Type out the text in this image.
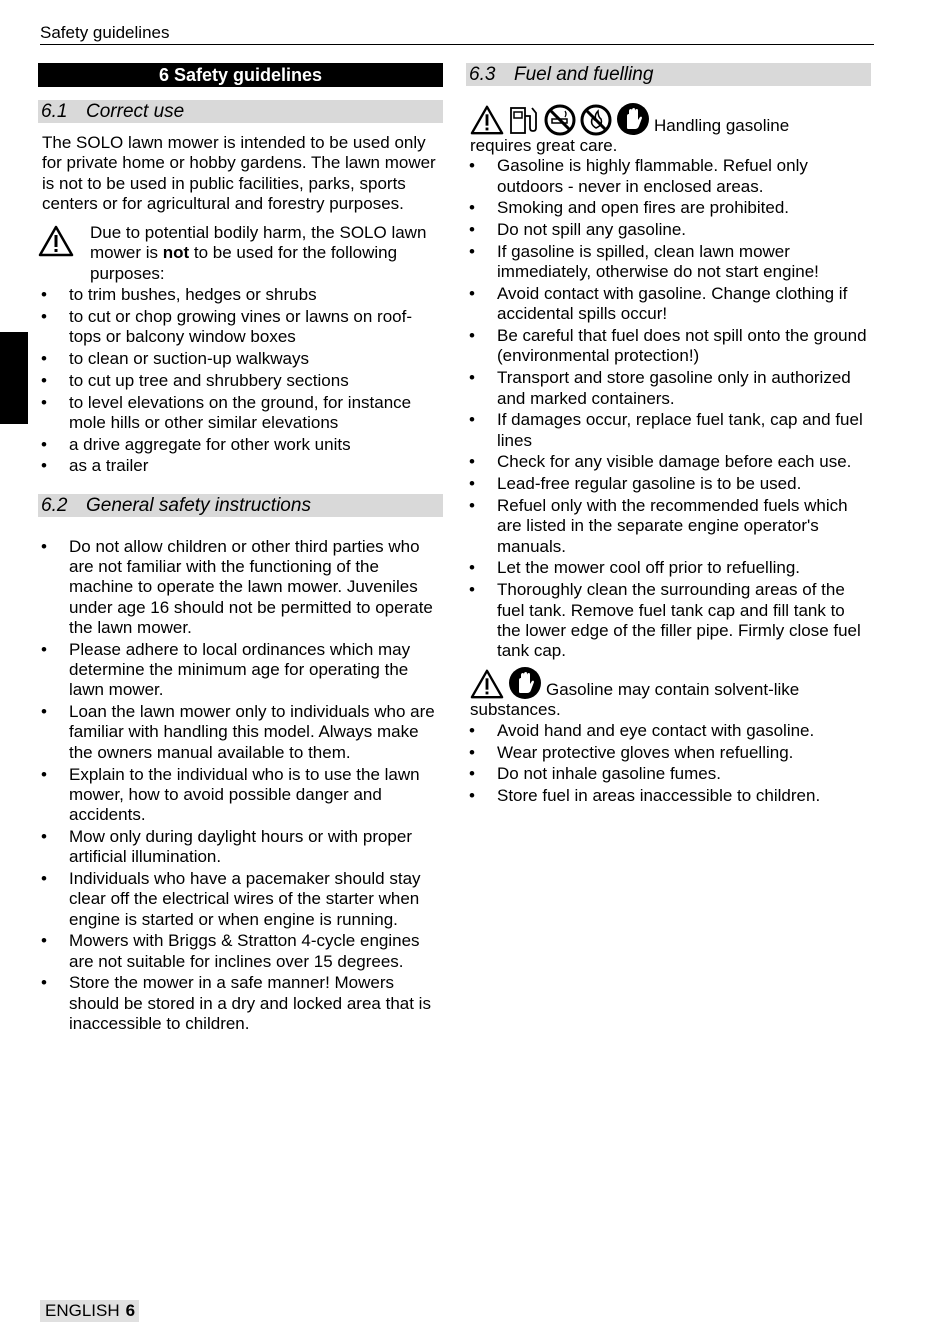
Safety guidelines
6 Safety guidelines
6.1 Correct use

The SOLO lawn mower is intended to be used only for private home or hobby gardens. The lawn mower is not to be used in public facilities, parks, sports centers or for agricultural and forestry purposes.

Due to potential bodily harm, the SOLO lawn mower is not to be used for the following purposes:
• to trim bushes, hedges or shrubs
• to cut or chop growing vines or lawns on roof-tops or balcony window boxes
• to clean or suction-up walkways
• to cut up tree and shrubbery sections
• to level elevations on the ground, for instance mole hills or other similar elevations
• a drive aggregate for other work units
• as a trailer
6.2 General safety instructions
• Do not allow children or other third parties who are not familiar with the functioning of the machine to operate the lawn mower. Juveniles under age 16 should not be permitted to operate the lawn mower.
• Please adhere to local ordinances which may determine the minimum age for operating the lawn mower.
• Loan the lawn mower only to individuals who are familiar with handling this model. Always make the owners manual available to them.
• Explain to the individual who is to use the lawn mower, how to avoid possible danger and accidents.
• Mow only during daylight hours or with proper artificial illumination.
• Individuals who have a pacemaker should stay clear off the electrical wires of the starter when engine is started or when engine is running.
• Mowers with Briggs & Stratton 4-cycle engines are not suitable for inclines over 15 degrees.
• Store the mower in a safe manner! Mowers should be stored in a dry and locked area that is inaccessible to children.
6.3 Fuel and fuelling
Handling gasoline
requires great care.
• Gasoline is highly flammable. Refuel only outdoors - never in enclosed areas.
• Smoking and open fires are prohibited.
• Do not spill any gasoline.
• If gasoline is spilled, clean lawn mower immediately, otherwise do not start engine!
• Avoid contact with gasoline. Change clothing if accidental spills occur!
• Be careful that fuel does not spill onto the ground (environmental protection!)
• Transport and store gasoline only in authorized and marked containers.
• If damages occur, replace fuel tank, cap and fuel lines
• Check for any visible damage before each use.
• Lead-free regular gasoline is to be used.
• Refuel only with the recommended fuels which are listed in the separate engine operator's manuals.
• Let the mower cool off prior to refuelling.
• Thoroughly clean the surrounding areas of the fuel tank. Remove fuel tank cap and fill tank to the lower edge of the filler pipe. Firmly close fuel tank cap.
Gasoline may contain solvent-like
substances.
• Avoid hand and eye contact with gasoline.
• Wear protective gloves when refuelling.
• Do not inhale gasoline fumes.
• Store fuel in areas inaccessible to children.
ENGLISH 6
